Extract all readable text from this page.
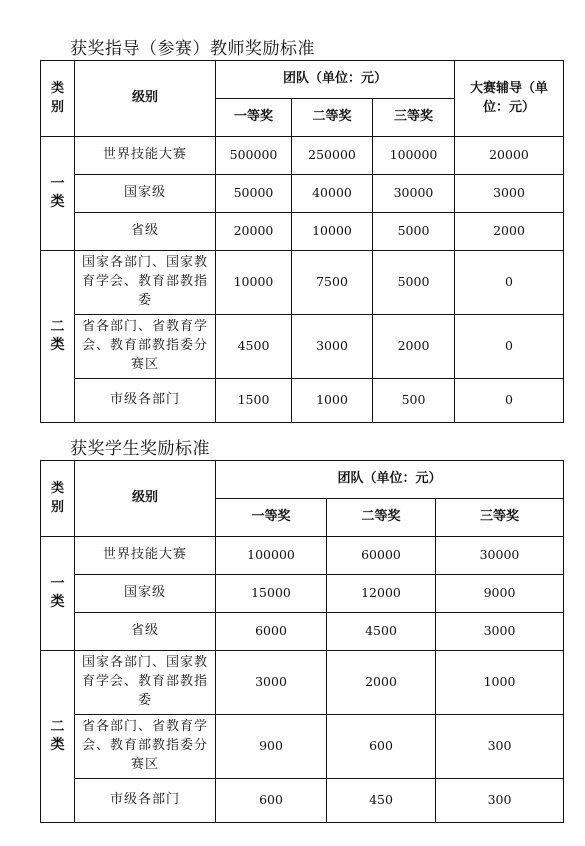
获奖指导（参赛）教师奖励标准
类别	级别	团队（单位：元）			大赛辅导（单位：元）
		一等奖	二等奖	三等奖	
一类	世界技能大赛	500000	250000	100000	20000
	国家级	50000	40000	30000	3000
	省级	20000	10000	5000	2000
二类	国家各部门、国家教育学会、教育部教指委	10000	7500	5000	0
	省各部门、省教育学会、教育部教指委分赛区	4500	3000	2000	0
	市级各部门	1500	1000	500	0
获奖学生奖励标准
类别	级别	团队（单位：元）		
		一等奖	二等奖	三等奖
一类	世界技能大赛	100000	60000	30000
	国家级	15000	12000	9000
	省级	6000	4500	3000
二类	国家各部门、国家教育学会、教育部教指委	3000	2000	1000
	省各部门、省教育学会、教育部教指委分赛区	900	600	300
	市级各部门	600	450	300
